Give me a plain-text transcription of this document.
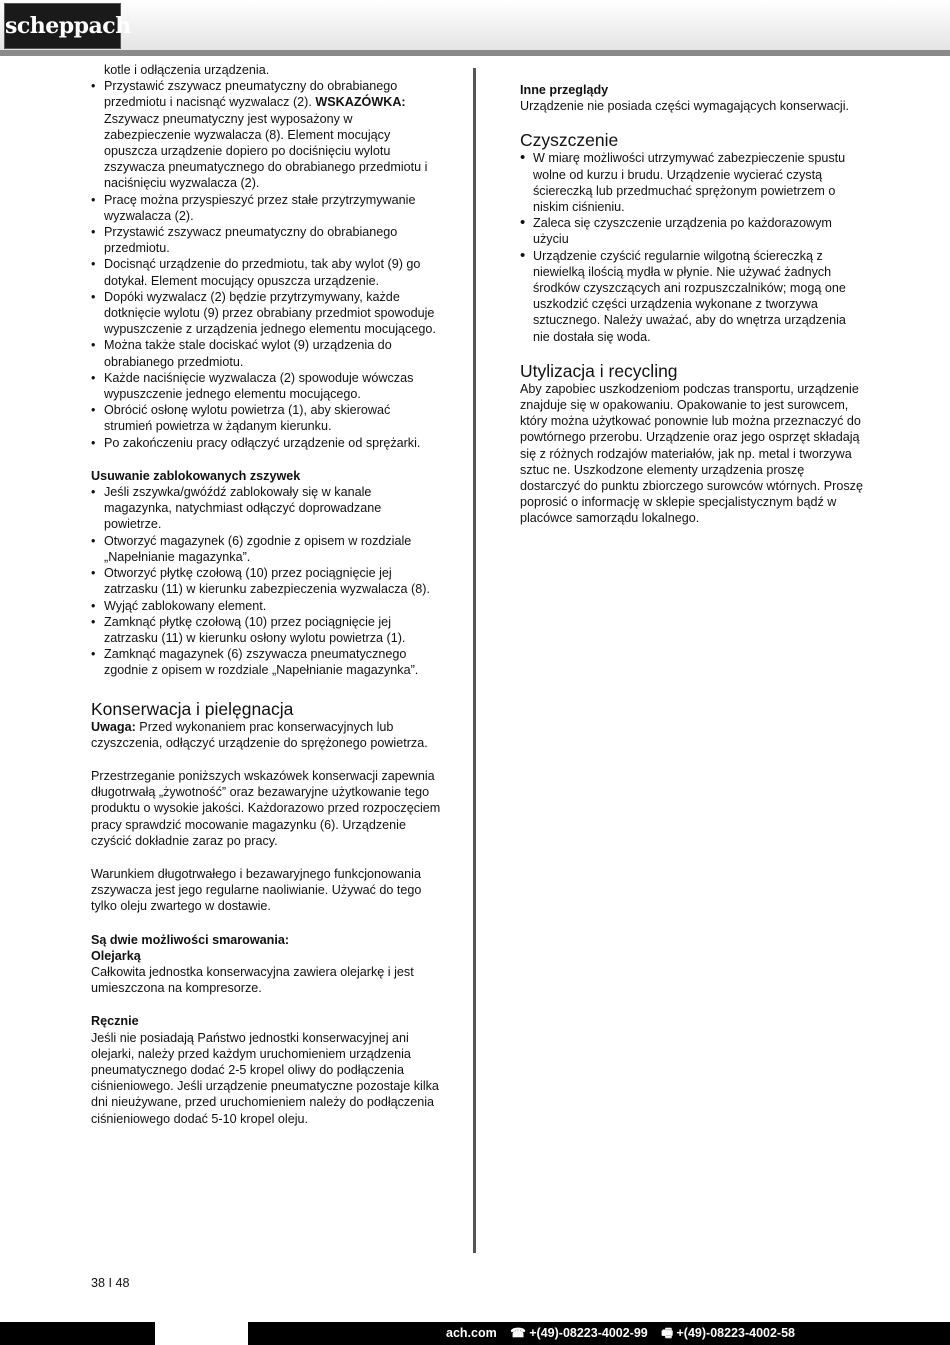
scheppach

kotle i odłączenia urządzenia.

• Przystawić zszywacz pneumatyczny do obrabianego przedmiotu i nacisnąć wyzwalacz (2). WSKAZÓWKA: Zszywacz pneumatyczny jest wyposażony w zabezpieczenie wyzwalacza (8). Element mocujący opuszcza urządzenie dopiero po dociśnięciu wylotu zszywacza pneumatycznego do obrabianego przedmiotu i naciśnięciu wyzwalacza (2).
• Pracę można przyspieszyć przez stałe przytrzymywanie wyzwalacza (2).
• Przystawić zszywacz pneumatyczny do obrabianego przedmiotu.
• Docisnąć urządzenie do przedmiotu, tak aby wylot (9) go dotykał. Element mocujący opuszcza urządzenie.
• Dopóki wyzwalacz (2) będzie przytrzymywany, każde dotknięcie wylotu (9) przez obrabiany przedmiot spowoduje wypuszczenie z urządzenia jednego elementu mocującego.
• Można także stale dociskać wylot (9) urządzenia do obrabianego przedmiotu.
• Każde naciśnięcie wyzwalacza (2) spowoduje wówczas wypuszczenie jednego elementu mocującego.
• Obrócić osłonę wylotu powietrza (1), aby skierować strumień powietrza w żądanym kierunku.
• Po zakończeniu pracy odłączyć urządzenie od sprężarki.

Usuwanie zablokowanych zszywek

• Jeśli zszywka/gwóźdź zablokowały się w kanale magazynka, natychmiast odłączyć doprowadzane powietrze.
• Otworzyć magazynek (6) zgodnie z opisem w rozdziale „Napełnianie magazynka”.
• Otworzyć płytkę czołową (10) przez pociągnięcie jej zatrzasku (11) w kierunku zabezpieczenia wyzwalacza (8).
• Wyjąć zablokowany element.
• Zamknąć płytkę czołową (10) przez pociągnięcie jej zatrzasku (11) w kierunku osłony wylotu powietrza (1).
• Zamknąć magazynek (6) zszywacza pneumatycznego zgodnie z opisem w rozdziale „Napełnianie magazynka”.
Konserwacja i pielęgnacja

Uwaga: Przed wykonaniem prac konserwacyjnych lub czyszczenia, odłączyć urządzenie do sprężonego powietrza.

Przestrzeganie poniższych wskazówek konserwacji zapewnia długotrwałą „żywotność” oraz bezawaryjne użytkowanie tego produktu o wysokie jakości. Każdorazowo przed rozpoczęciem pracy sprawdzić mocowanie magazynku (6). Urządzenie czyścić dokładnie zaraz po pracy.

Warunkiem długotrwałego i bezawaryjnego funkcjonowania zszywacza jest jego regularne naoliwianie. Używać do tego tylko oleju zwartego w dostawie.

Są dwie możliwości smarowania:

Olejarką

Całkowita jednostka konserwacyjna zawiera olejarkę i jest umieszczona na kompresorze.

Ręcznie

Jeśli nie posiadają Państwo jednostki konserwacyjnej ani olejarki, należy przed każdym uruchomieniem urządzenia pneumatycznego dodać 2-5 kropel oliwy do podłączenia ciśnieniowego. Jeśli urządzenie pneumatyczne pozostaje kilka dni nieużywane, przed uruchomieniem należy do podłączenia ciśnieniowego dodać 5-10 kropel oleju.

Inne przeglądy

Urządzenie nie posiada części wymagających konserwacji.

Czyszczenie
• W miarę możliwości utrzymywać zabezpieczenie spustu wolne od kurzu i brudu. Urządzenie wycierać czystą ściereczką lub przedmuchać sprężonym powietrzem o niskim ciśnieniu.
• Zaleca się czyszczenie urządzenia po każdorazowym użyciu
• Urządzenie czyścić regularnie wilgotną ściereczką z niewielką ilością mydła w płynie. Nie używać żadnych środków czyszczących ani rozpuszczalników; mogą one uszkodzić części urządzenia wykonane z tworzywa sztucznego. Należy uważać, aby do wnętrza urządzenia nie dostała się woda.
Utylizacja i recycling

Aby zapobiec uszkodzeniom podczas transportu, urządzenie znajduje się w opakowaniu. Opakowanie to jest surowcem, który można użytkować ponownie lub można przeznaczyć do powtórnego przerobu. Urządzenie oraz jego osprzęt składają się z różnych rodzajów materiałów, jak np. metal i tworzywa sztuc ne. Uszkodzone elementy urządzenia proszę dostarczyć do punktu zbiorczego surowców wtórnych. Proszę poprosić o informację w sklepie specjalistycznym bądź w placówce samorządu lokalnego.

38 I 48
ach.com ☎ +(49)-08223-4002-99 🖷 +(49)-08223-4002-58
